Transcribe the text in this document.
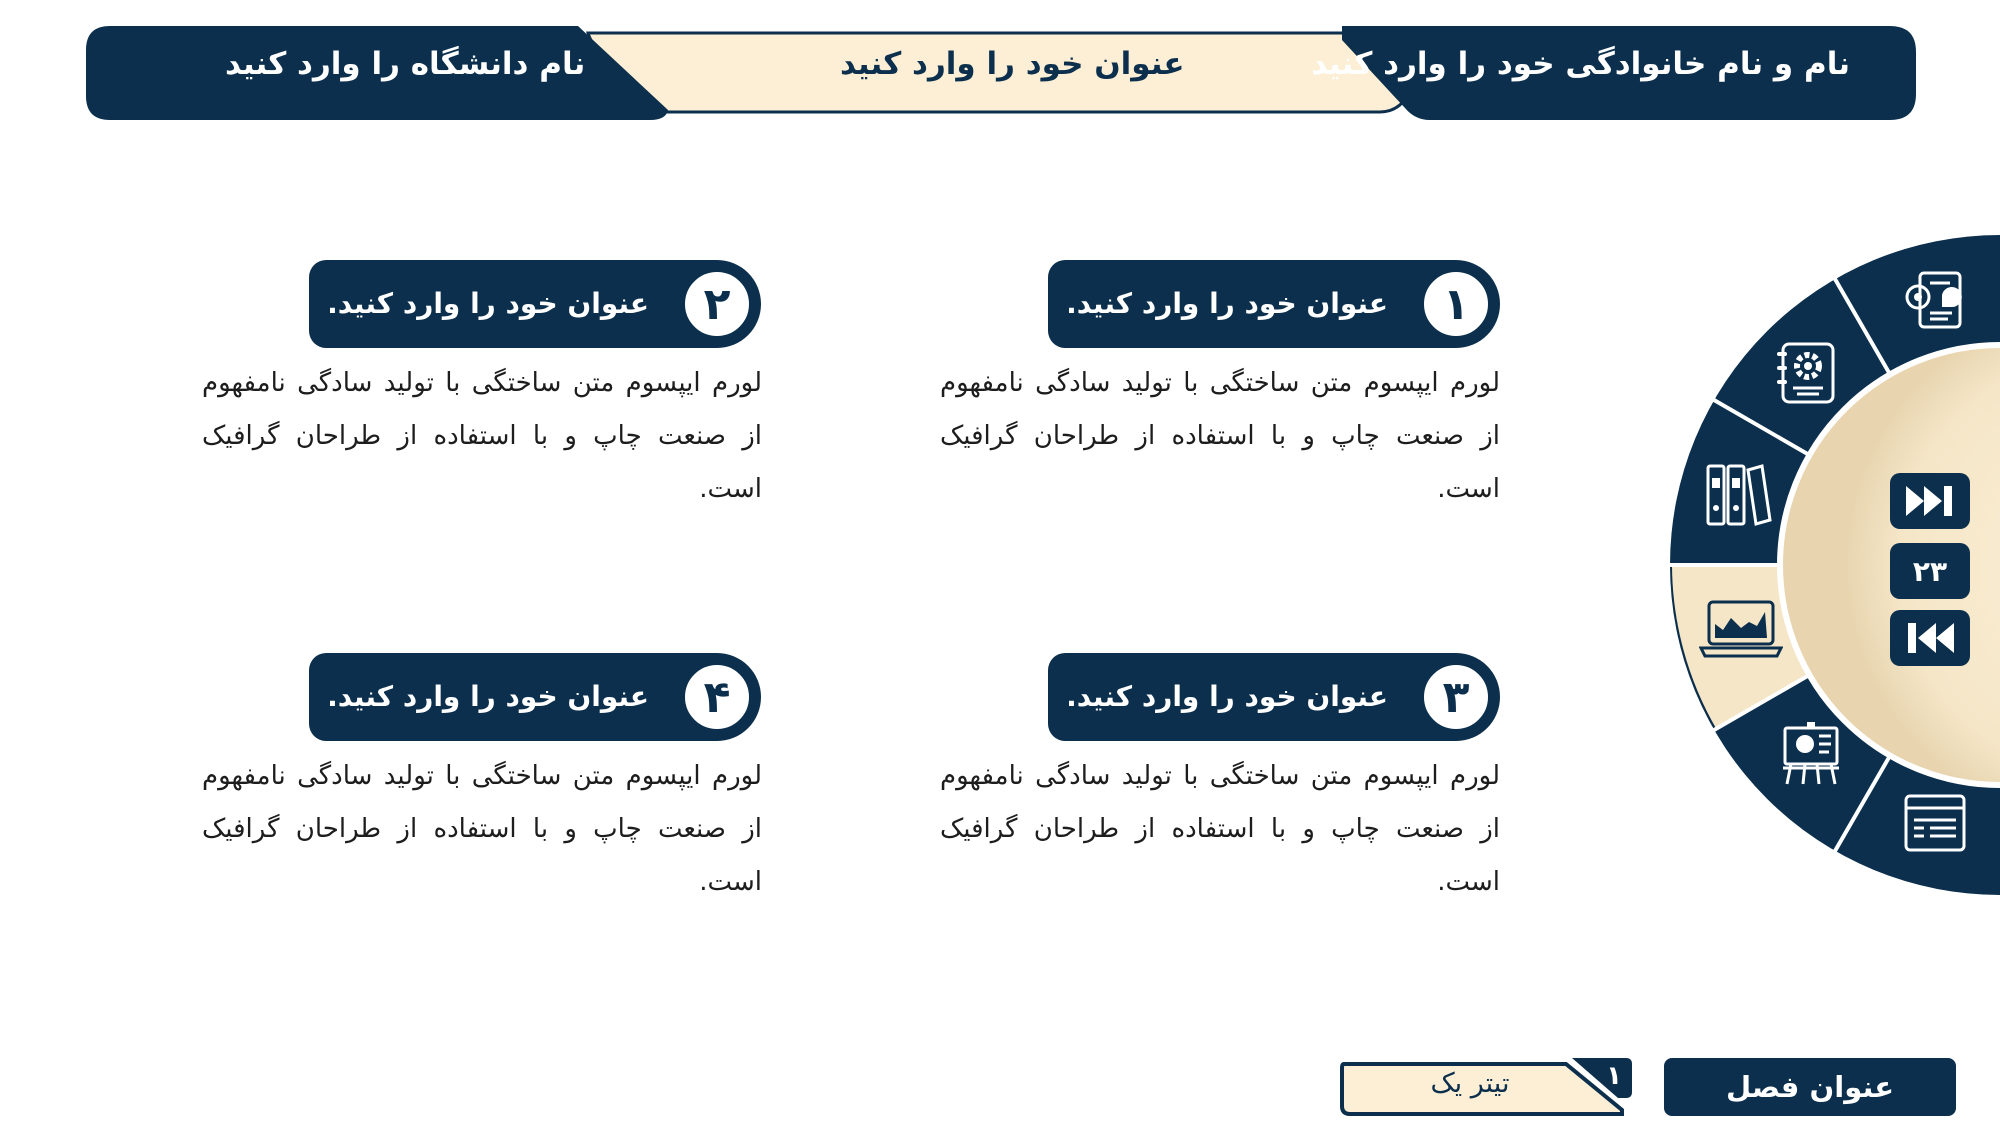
نام و نام خانوادگی خود را وارد کنید
عنوان خود را وارد کنید
نام دانشگاه را وارد کنید
۱
عنوان خود را وارد کنید.
لورم ایپسوم متن ساختگی با تولید سادگی نامفهوم از صنعت چاپ و با استفاده از طراحان گرافیک است.
۲
عنوان خود را وارد کنید.
لورم ایپسوم متن ساختگی با تولید سادگی نامفهوم از صنعت چاپ و با استفاده از طراحان گرافیک است.
۳
عنوان خود را وارد کنید.
لورم ایپسوم متن ساختگی با تولید سادگی نامفهوم از صنعت چاپ و با استفاده از طراحان گرافیک است.
۴
عنوان خود را وارد کنید.
لورم ایپسوم متن ساختگی با تولید سادگی نامفهوم از صنعت چاپ و با استفاده از طراحان گرافیک است.
۲۳
عنوان فصل
۱
تیتر یک
